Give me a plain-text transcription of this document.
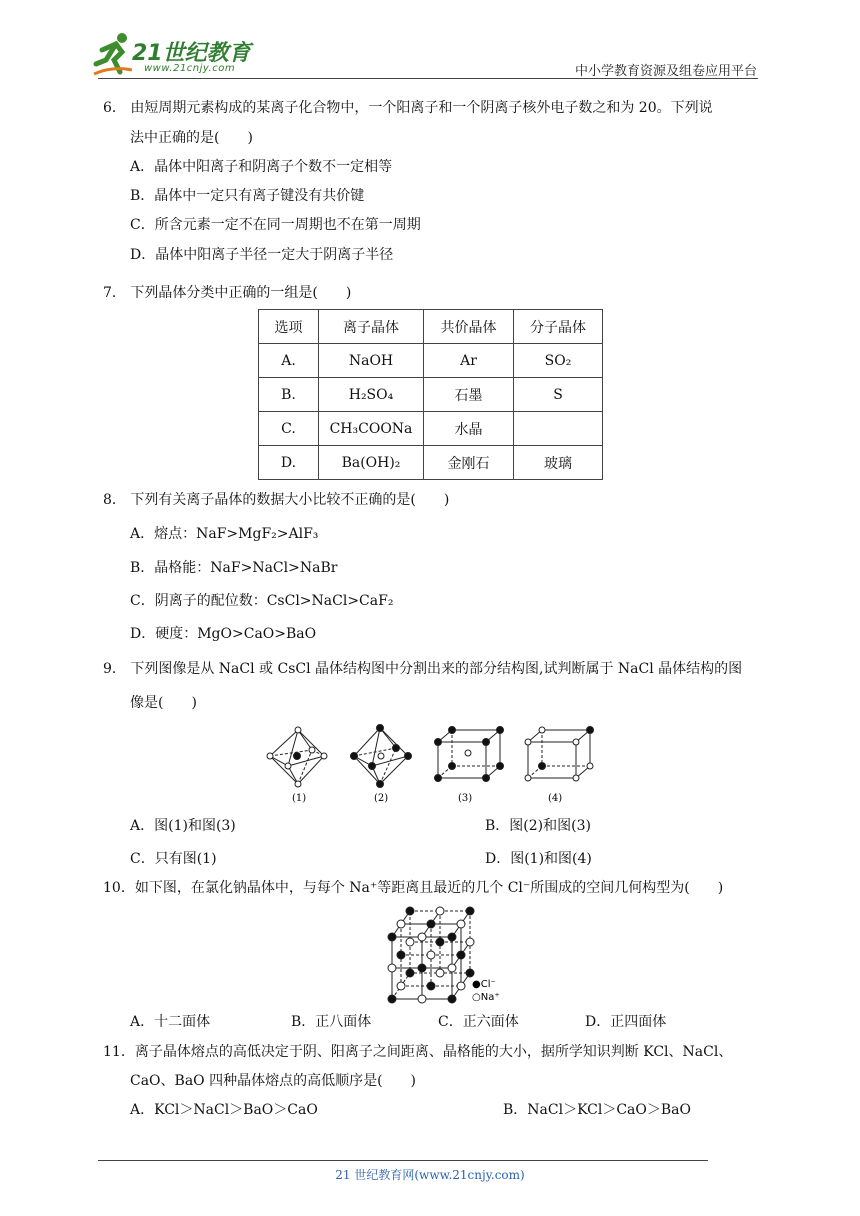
21世纪教育
www.21cnjy.com	中小学教育资源及组卷应用平台
6． 由短周期元素构成的某离子化合物中，一个阳离子和一个阴离子核外电子数之和为 20。下列说
法中正确的是(　　)
A．晶体中阳离子和阴离子个数不一定相等
B．晶体中一定只有离子键没有共价键
C．所含元素一定不在同一周期也不在第一周期
D．晶体中阳离子半径一定大于阴离子半径
7． 下列晶体分类中正确的一组是(　　)
选项	离子晶体	共价晶体	分子晶体
A.	NaOH	Ar	SO₂
B.	H₂SO₄	石墨	S
C.	CH₃COONa	水晶	
D.	Ba(OH)₂	金刚石	玻璃
8． 下列有关离子晶体的数据大小比较不正确的是(　　)
A．熔点：NaF>MgF₂>AlF₃
B．晶格能：NaF>NaCl>NaBr
C．阴离子的配位数：CsCl>NaCl>CaF₂
D．硬度：MgO>CaO>BaO
9． 下列图像是从 NaCl 或 CsCl 晶体结构图中分割出来的部分结构图,试判断属于 NaCl 晶体结构的图
像是(　　)
(1)	(2)	(3)	(4)
A．图(1)和图(3)	B．图(2)和图(3)
C．只有图(1)	D．图(1)和图(4)
10．如下图，在氯化钠晶体中，与每个 Na⁺等距离且最近的几个 Cl⁻所围成的空间几何构型为(　　)
●Cl⁻
○Na⁺
A．十二面体	B．正八面体	C．正六面体	D．正四面体
11．离子晶体熔点的高低决定于阴、阳离子之间距离、晶格能的大小，据所学知识判断 KCl、NaCl、
CaO、BaO 四种晶体熔点的高低顺序是(　　)
A．KCl＞NaCl＞BaO＞CaO	B．NaCl＞KCl＞CaO＞BaO
21 世纪教育网(www.21cnjy.com)
